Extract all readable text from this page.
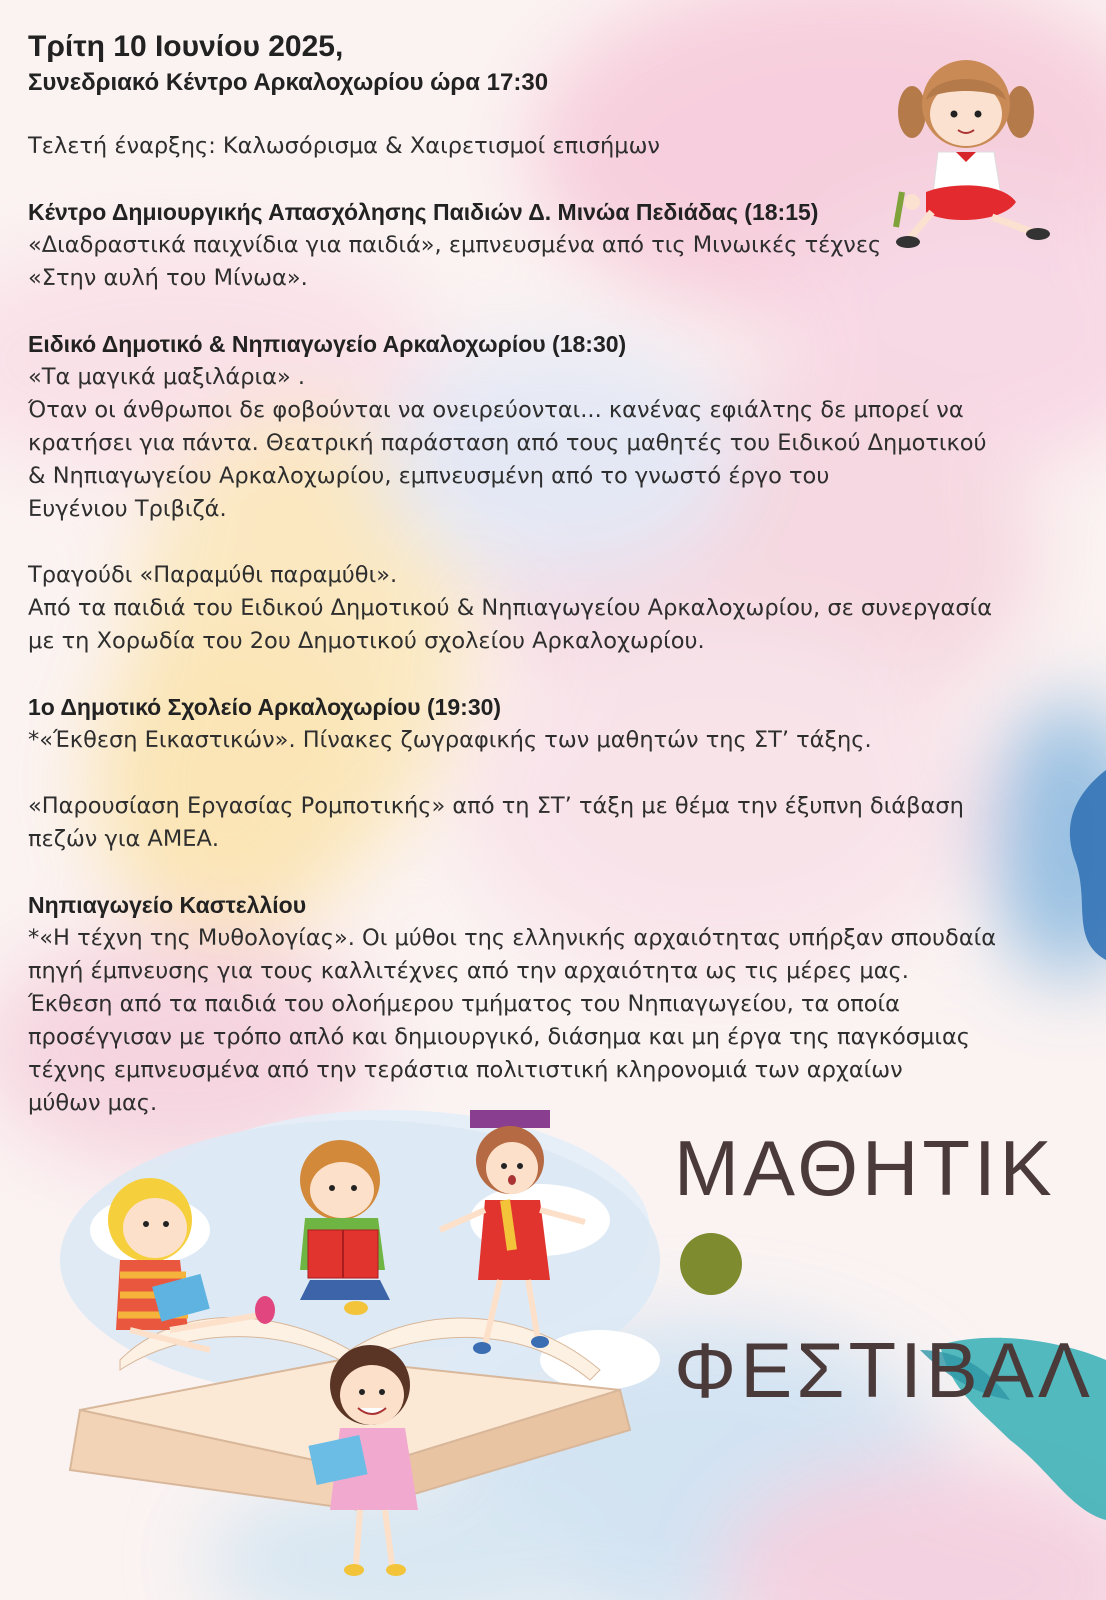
Τρίτη 10 Ιουνίου 2025,
Συνεδριακό Κέντρο Αρκαλοχωρίου ώρα 17:30

Τελετή έναρξης: Καλωσόρισμα & Χαιρετισμοί επισήμων

Κέντρο Δημιουργικής Απασχόλησης Παιδιών Δ. Μινώα Πεδιάδας (18:15)

«Διαδραστικά παιχνίδια για παιδιά», εμπνευσμένα από τις Μινωικές τέχνες

«Στην αυλή του Μίνωα».

Ειδικό Δημοτικό & Νηπιαγωγείο Αρκαλοχωρίου (18:30)

«Τα μαγικά μαξιλάρια» .

Όταν οι άνθρωποι δε φοβούνται να ονειρεύονται... κανένας εφιάλτης δε μπορεί να

κρατήσει για πάντα. Θεατρική παράσταση από τους μαθητές του Ειδικού Δημοτικού

& Νηπιαγωγείου Αρκαλοχωρίου, εμπνευσμένη από το γνωστό έργο του

Ευγένιου Τριβιζά.

Τραγούδι «Παραμύθι παραμύθι».

Από τα παιδιά του Ειδικού Δημοτικού & Νηπιαγωγείου Αρκαλοχωρίου, σε συνεργασία

με τη Χορωδία του 2ου Δημοτικού σχολείου Αρκαλοχωρίου.

1ο Δημοτικό Σχολείο Αρκαλοχωρίου (19:30)

*«Έκθεση Εικαστικών». Πίνακες ζωγραφικής των μαθητών της ΣΤ’ τάξης.

«Παρουσίαση Εργασίας Ρομποτικής» από τη ΣΤ’ τάξη με θέμα την έξυπνη διάβαση

πεζών για ΑΜΕΑ.

Νηπιαγωγείο Καστελλίου

*«Η τέχνη της Μυθολογίας». Οι μύθοι της ελληνικής αρχαιότητας υπήρξαν σπουδαία

πηγή έμπνευσης για τους καλλιτέχνες από την αρχαιότητα ως τις μέρες μας.

Έκθεση από τα παιδιά του ολοήμερου τμήματος του Νηπιαγωγείου, τα οποία

προσέγγισαν με τρόπο απλό και δημιουργικό, διάσημα και μη έργα της παγκόσμιας

τέχνης εμπνευσμένα από την τεράστια πολιτιστική κληρονομιά των αρχαίων

μύθων μας.

ΜΑΘΗΤΙΚ
ΦΕΣΤΙΒΑΛ
